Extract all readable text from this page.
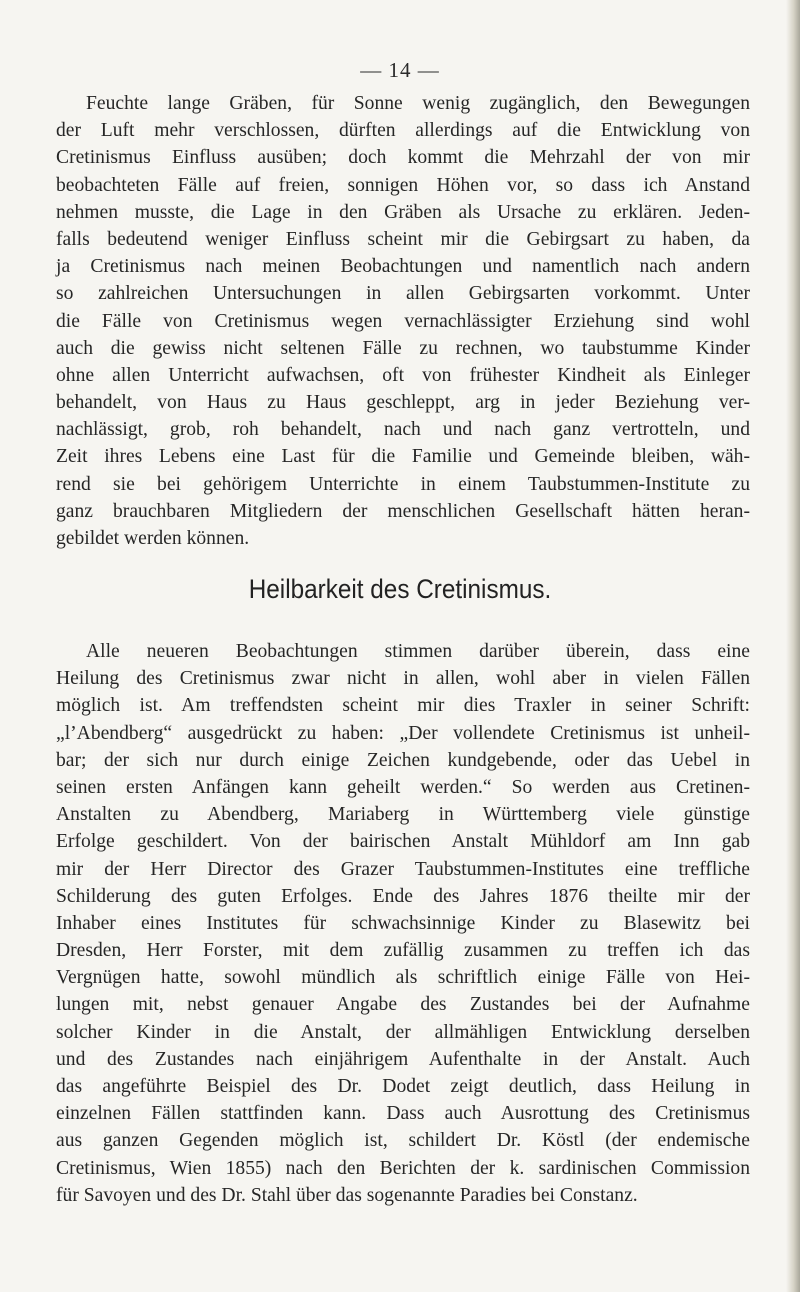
— 14 —
Feuchte lange Gräben, für Sonne wenig zugänglich, den Bewegungen
der Luft mehr verschlossen, dürften allerdings auf die Entwicklung von
Cretinismus Einfluss ausüben; doch kommt die Mehrzahl der von mir
beobachteten Fälle auf freien, sonnigen Höhen vor, so dass ich Anstand
nehmen musste, die Lage in den Gräben als Ursache zu erklären. Jeden-
falls bedeutend weniger Einfluss scheint mir die Gebirgsart zu haben, da
ja Cretinismus nach meinen Beobachtungen und namentlich nach andern
so zahlreichen Untersuchungen in allen Gebirgsarten vorkommt. Unter
die Fälle von Cretinismus wegen vernachlässigter Erziehung sind wohl
auch die gewiss nicht seltenen Fälle zu rechnen, wo taubstumme Kinder
ohne allen Unterricht aufwachsen, oft von frühester Kindheit als Einleger
behandelt, von Haus zu Haus geschleppt, arg in jeder Beziehung ver-
nachlässigt, grob, roh behandelt, nach und nach ganz vertrotteln, und
Zeit ihres Lebens eine Last für die Familie und Gemeinde bleiben, wäh-
rend sie bei gehörigem Unterrichte in einem Taubstummen-Institute zu
ganz brauchbaren Mitgliedern der menschlichen Gesellschaft hätten heran-
gebildet werden können.
Heilbarkeit des Cretinismus.
Alle neueren Beobachtungen stimmen darüber überein, dass eine
Heilung des Cretinismus zwar nicht in allen, wohl aber in vielen Fällen
möglich ist. Am treffendsten scheint mir dies Traxler in seiner Schrift:
„l’Abendberg“ ausgedrückt zu haben: „Der vollendete Cretinismus ist unheil-
bar; der sich nur durch einige Zeichen kundgebende, oder das Uebel in
seinen ersten Anfängen kann geheilt werden.“ So werden aus Cretinen-
Anstalten zu Abendberg, Mariaberg in Württemberg viele günstige
Erfolge geschildert. Von der bairischen Anstalt Mühldorf am Inn gab
mir der Herr Director des Grazer Taubstummen-Institutes eine treffliche
Schilderung des guten Erfolges. Ende des Jahres 1876 theilte mir der
Inhaber eines Institutes für schwachsinnige Kinder zu Blasewitz bei
Dresden, Herr Forster, mit dem zufällig zusammen zu treffen ich das
Vergnügen hatte, sowohl mündlich als schriftlich einige Fälle von Hei-
lungen mit, nebst genauer Angabe des Zustandes bei der Aufnahme
solcher Kinder in die Anstalt, der allmähligen Entwicklung derselben
und des Zustandes nach einjährigem Aufenthalte in der Anstalt. Auch
das angeführte Beispiel des Dr. Dodet zeigt deutlich, dass Heilung in
einzelnen Fällen stattfinden kann. Dass auch Ausrottung des Cretinismus
aus ganzen Gegenden möglich ist, schildert Dr. Köstl (der endemische
Cretinismus, Wien 1855) nach den Berichten der k. sardinischen Commission
für Savoyen und des Dr. Stahl über das sogenannte Paradies bei Constanz.
